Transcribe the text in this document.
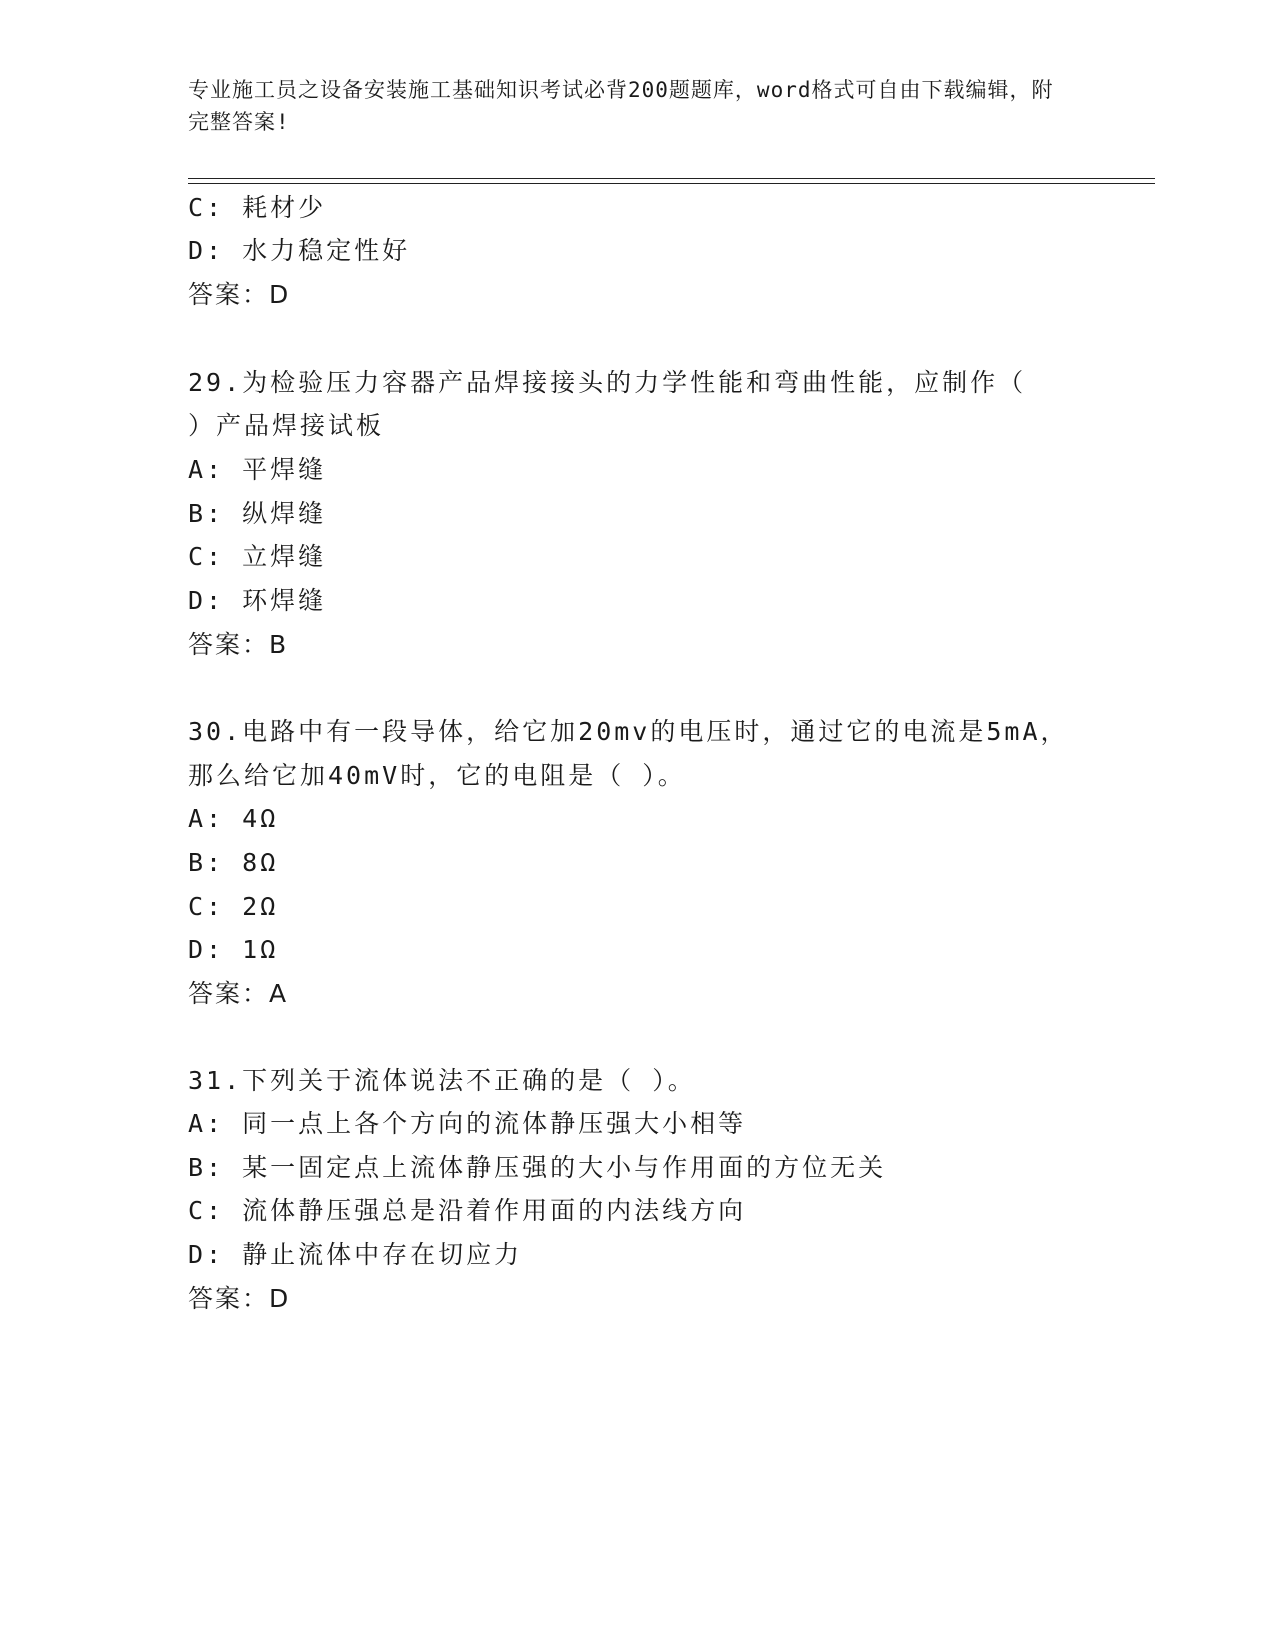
专业施工员之设备安装施工基础知识考试必背200题题库，word格式可自由下载编辑，附完整答案!
C: 耗材少
D: 水力稳定性好
答案：D
29.为检验压力容器产品焊接接头的力学性能和弯曲性能，应制作（
）产品焊接试板
A: 平焊缝
B: 纵焊缝
C: 立焊缝
D: 环焊缝
答案：B
30.电路中有一段导体，给它加20mv的电压时，通过它的电流是5mA，
那么给它加40mV时，它的电阻是（ ）。
A: 4Ω
B: 8Ω
C: 2Ω
D: 1Ω
答案：A
31.下列关于流体说法不正确的是（ ）。
A: 同一点上各个方向的流体静压强大小相等
B: 某一固定点上流体静压强的大小与作用面的方位无关
C: 流体静压强总是沿着作用面的内法线方向
D: 静止流体中存在切应力
答案：D
